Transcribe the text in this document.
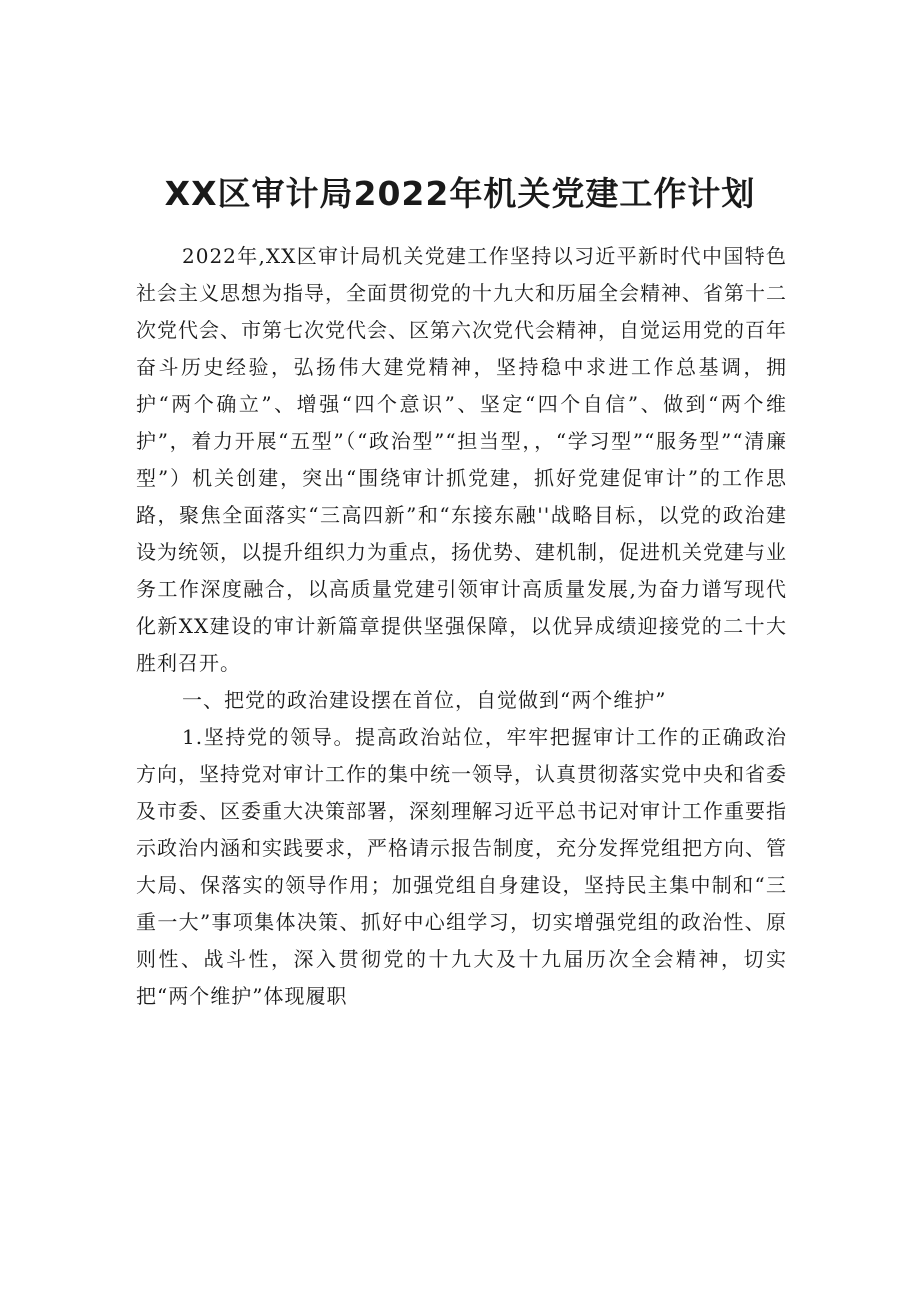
XX区审计局2022年机关党建工作计划

2022年,XX区审计局机关党建工作坚持以习近平新时代中国特色社会主义思想为指导，全面贯彻党的十九大和历届全会精神、省第十二次党代会、市第七次党代会、区第六次党代会精神，自觉运用党的百年奋斗历史经验，弘扬伟大建党精神，坚持稳中求进工作总基调，拥护“两个确立”、增强“四个意识”、坚定“四个自信”、做到“两个维护”，着力开展“五型”（“政治型”“担当型，，“学习型”“服务型”“清廉型”）机关创建，突出“围绕审计抓党建，抓好党建促审计”的工作思路，聚焦全面落实“三高四新”和“东接东融''战略目标，以党的政治建设为统领，以提升组织力为重点，扬优势、建机制，促进机关党建与业务工作深度融合，以高质量党建引领审计高质量发展,为奋力谱写现代化新XX建设的审计新篇章提供坚强保障，以优异成绩迎接党的二十大胜利召开。

一、把党的政治建设摆在首位，自觉做到“两个维护”

1.坚持党的领导。提高政治站位，牢牢把握审计工作的正确政治方向，坚持党对审计工作的集中统一领导，认真贯彻落实党中央和省委及市委、区委重大决策部署，深刻理解习近平总书记对审计工作重要指示政治内涵和实践要求，严格请示报告制度，充分发挥党组把方向、管大局、保落实的领导作用；加强党组自身建设，坚持民主集中制和“三重一大”事项集体决策、抓好中心组学习，切实增强党组的政治性、原则性、战斗性，深入贯彻党的十九大及十九届历次全会精神，切实把“两个维护”体现履职
